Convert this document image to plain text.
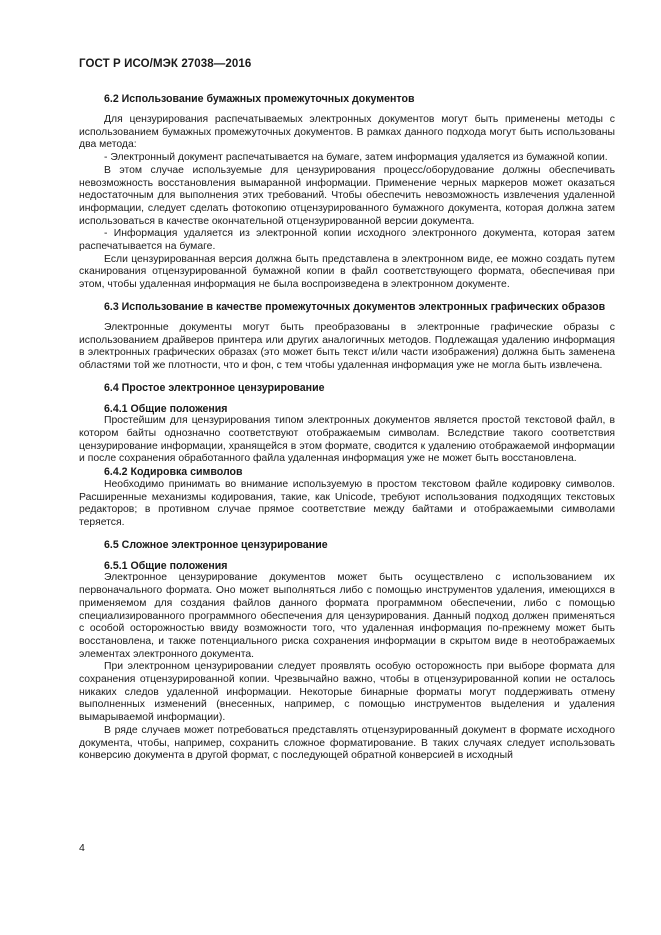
ГОСТ Р ИСО/МЭК 27038—2016
6.2 Использование бумажных промежуточных документов

Для цензурирования распечатываемых электронных документов могут быть применены методы с использованием бумажных промежуточных документов. В рамках данного подхода могут быть использованы два метода:

- Электронный документ распечатывается на бумаге, затем информация удаляется из бумажной копии.

В этом случае используемые для цензурирования процесс/оборудование должны обеспечивать невозможность восстановления вымаранной информации. Применение черных маркеров может оказаться недостаточным для выполнения этих требований. Чтобы обеспечить невозможность извлечения удаленной информации, следует сделать фотокопию отцензурированного бумажного документа, которая должна затем использоваться в качестве окончательной отцензурированной версии документа.

- Информация удаляется из электронной копии исходного электронного документа, которая затем распечатывается на бумаге.

Если цензурированная версия должна быть представлена в электронном виде, ее можно создать путем сканирования отцензурированной бумажной копии в файл соответствующего формата, обеспечивая при этом, чтобы удаленная информация не была воспроизведена в электронном документе.

6.3 Использование в качестве промежуточных документов электронных графических образов

Электронные документы могут быть преобразованы в электронные графические образы с использованием драйверов принтера или других аналогичных методов. Подлежащая удалению информация в электронных графических образах (это может быть текст и/или части изображения) должна быть заменена областями той же плотности, что и фон, с тем чтобы удаленная информация уже не могла быть извлечена.

6.4 Простое электронное цензурирование
6.4.1 Общие положения

Простейшим для цензурирования типом электронных документов является простой текстовой файл, в котором байты однозначно соответствуют отображаемым символам. Вследствие такого соответствия цензурирование информации, хранящейся в этом формате, сводится к удалению отображаемой информации и после сохранения обработанного файла удаленная информация уже не может быть восстановлена.

6.4.2 Кодировка символов

Необходимо принимать во внимание используемую в простом текстовом файле кодировку символов. Расширенные механизмы кодирования, такие, как Unicode, требуют использования подходящих текстовых редакторов; в противном случае прямое соответствие между байтами и отображаемыми символами теряется.

6.5 Сложное электронное цензурирование
6.5.1 Общие положения

Электронное цензурирование документов может быть осуществлено с использованием их первоначального формата. Оно может выполняться либо с помощью инструментов удаления, имеющихся в применяемом для создания файлов данного формата программном обеспечении, либо с помощью специализированного программного обеспечения для цензурирования. Данный подход должен применяться с особой осторожностью ввиду возможности того, что удаленная информация по-прежнему может быть восстановлена, и также потенциального риска сохранения информации в скрытом виде в неотображаемых элементах электронного документа.

При электронном цензурировании следует проявлять особую осторожность при выборе формата для сохранения отцензурированной копии. Чрезвычайно важно, чтобы в отцензурированной копии не осталось никаких следов удаленной информации. Некоторые бинарные форматы могут поддерживать отмену выполненных изменений (внесенных, например, с помощью инструментов выделения и удаления вымарываемой информации).

В ряде случаев может потребоваться представлять отцензурированный документ в формате исходного документа, чтобы, например, сохранить сложное форматирование. В таких случаях следует использовать конверсию документа в другой формат, с последующей обратной конверсией в исходный

4
